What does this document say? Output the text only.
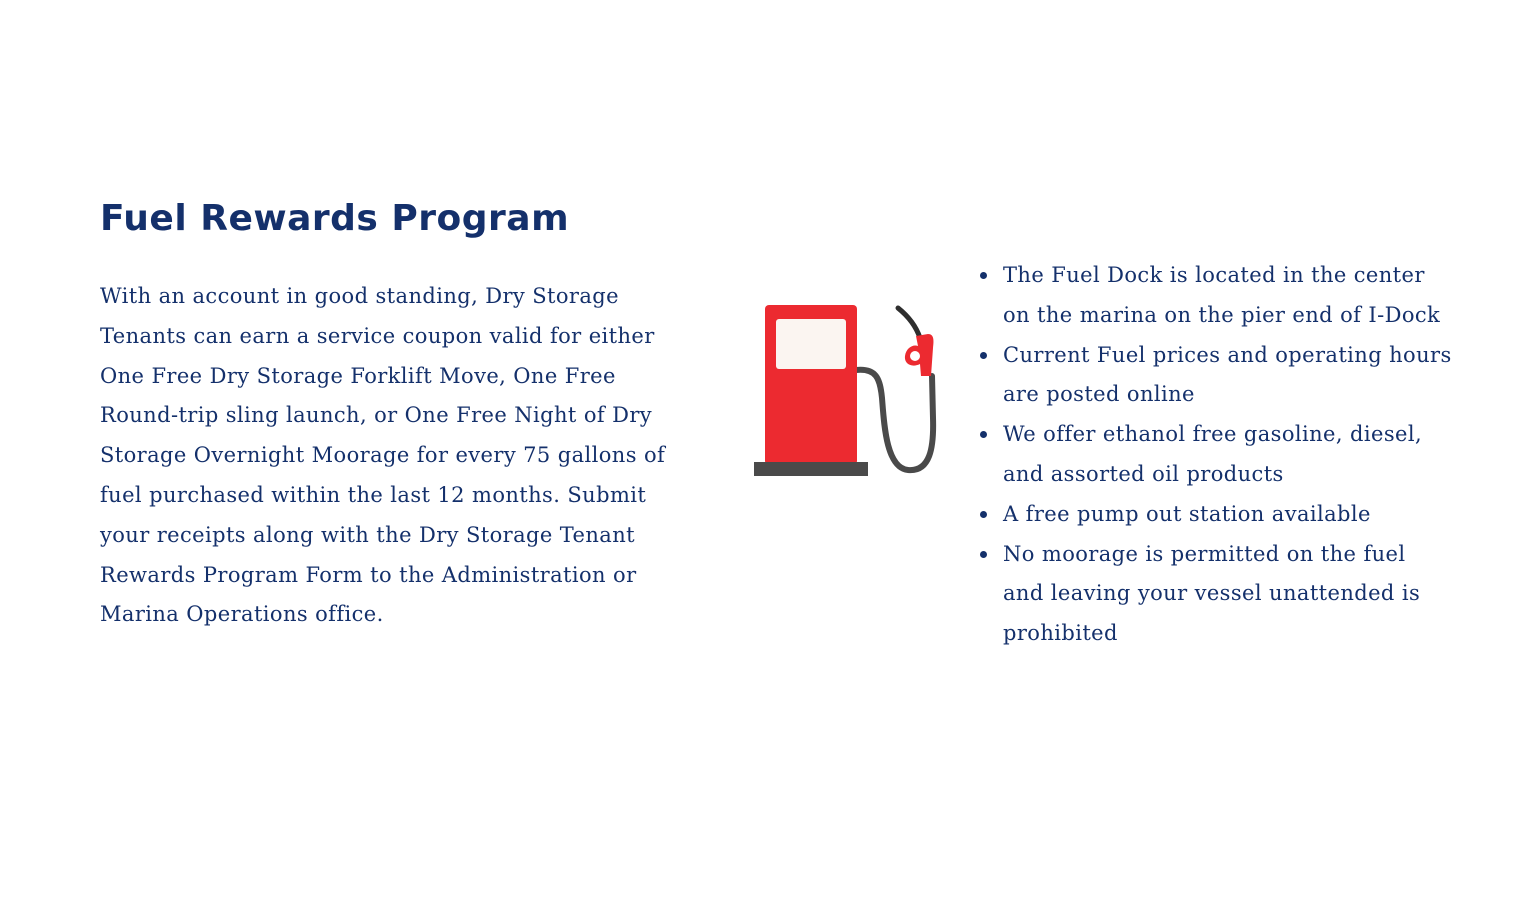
Fuel Rewards Program

With an account in good standing, Dry Storage Tenants can earn a service coupon valid for either One Free Dry Storage Forklift Move, One Free Round-trip sling launch, or One Free Night of Dry Storage Overnight Moorage for every 75 gallons of fuel purchased within the last 12 months. Submit your receipts along with the Dry Storage Tenant Rewards Program Form to the Administration or Marina Operations office.

The Fuel Dock is located in the center on the marina on the pier end of I-Dock
Current Fuel prices and operating hours are posted online
We offer ethanol free gasoline, diesel, and assorted oil products
A free pump out station available
No moorage is permitted on the fuel and leaving your vessel unattended is prohibited
